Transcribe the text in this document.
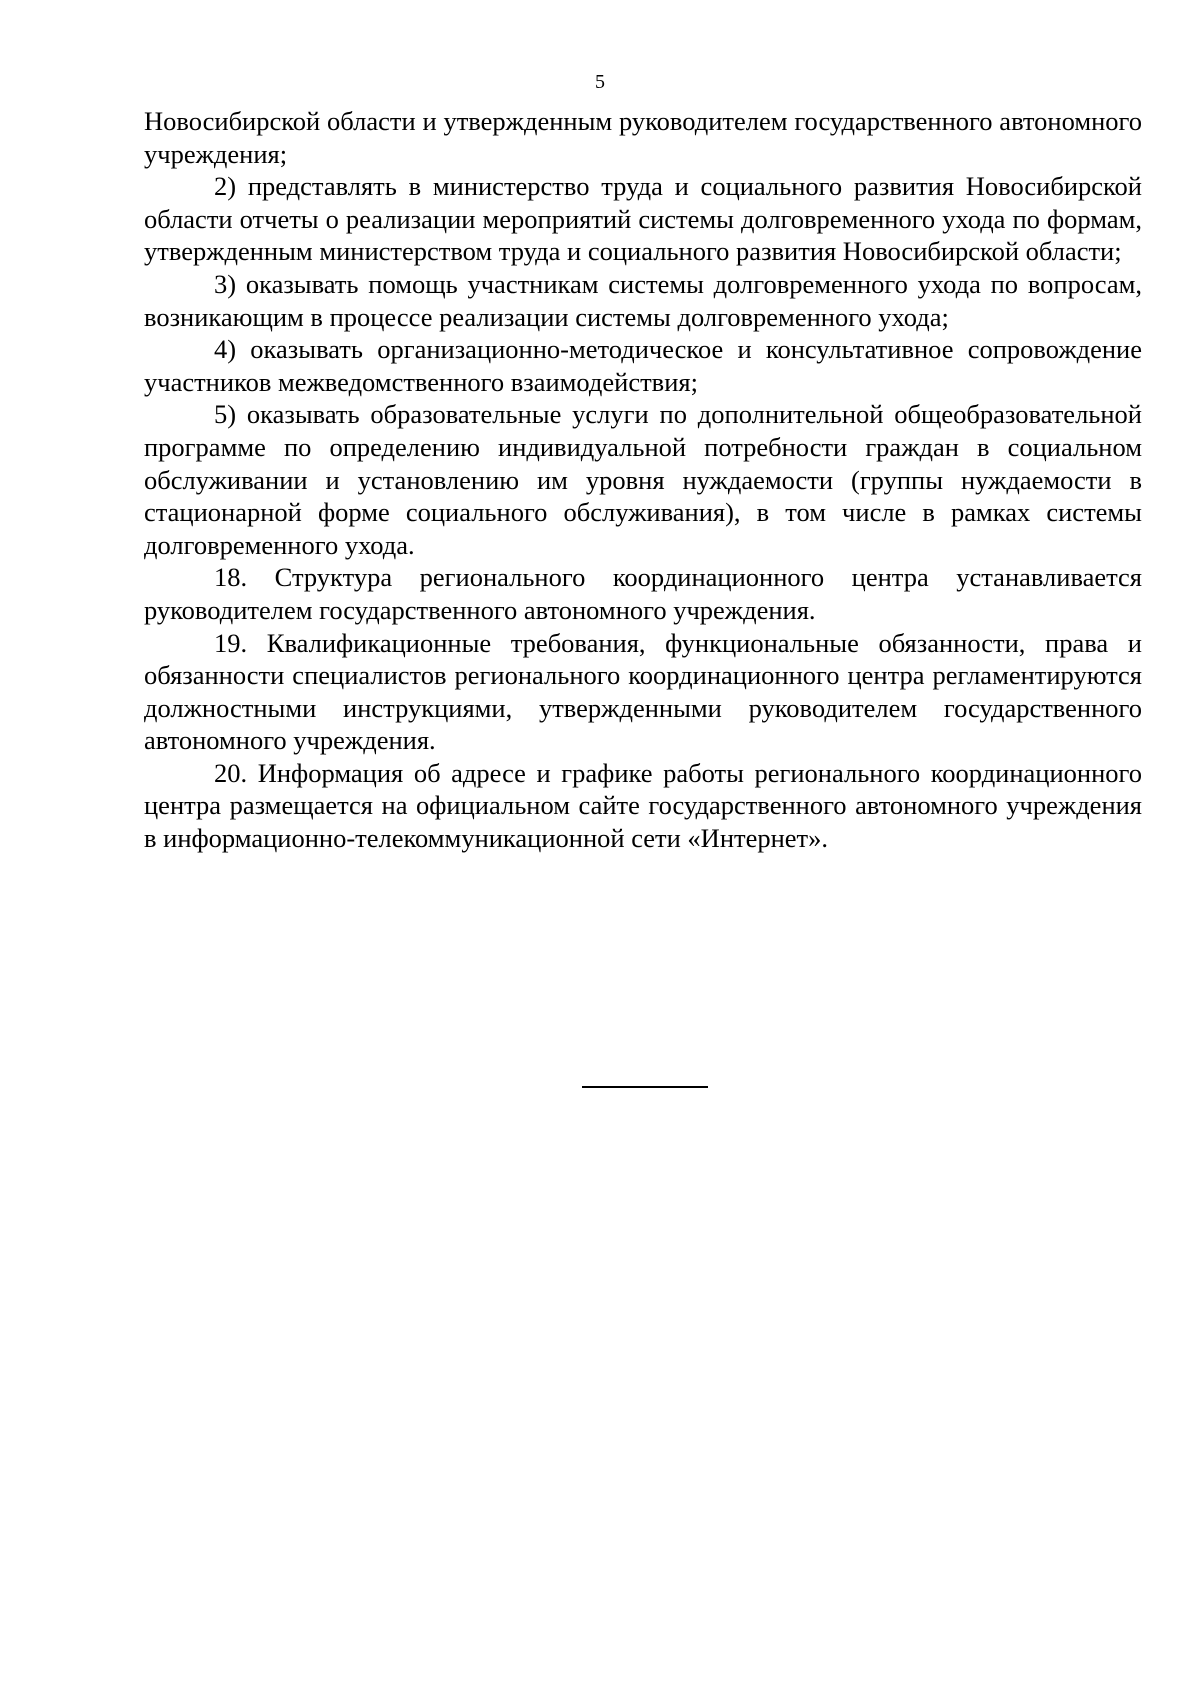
5

Новосибирской области и утвержденным руководителем государственного автономного учреждения;

2) представлять в министерство труда и социального развития Новосибирской области отчеты о реализации мероприятий системы долговременного ухода по формам, утвержденным министерством труда и социального развития Новосибирской области;

3) оказывать помощь участникам системы долговременного ухода по вопросам, возникающим в процессе реализации системы долговременного ухода;

4) оказывать организационно-методическое и консультативное сопровождение участников межведомственного взаимодействия;

5) оказывать образовательные услуги по дополнительной общеобразовательной программе по определению индивидуальной потребности граждан в социальном обслуживании и установлению им уровня нуждаемости (группы нуждаемости в стационарной форме социального обслуживания), в том числе в рамках системы долговременного ухода.

18. Структура регионального координационного центра устанавливается руководителем государственного автономного учреждения.

19. Квалификационные требования, функциональные обязанности, права и обязанности специалистов регионального координационного центра регламентируются должностными инструкциями, утвержденными руководителем государственного автономного учреждения.

20. Информация об адресе и графике работы регионального координационного центра размещается на официальном сайте государственного автономного учреждения в информационно-телекоммуникационной сети «Интернет».
